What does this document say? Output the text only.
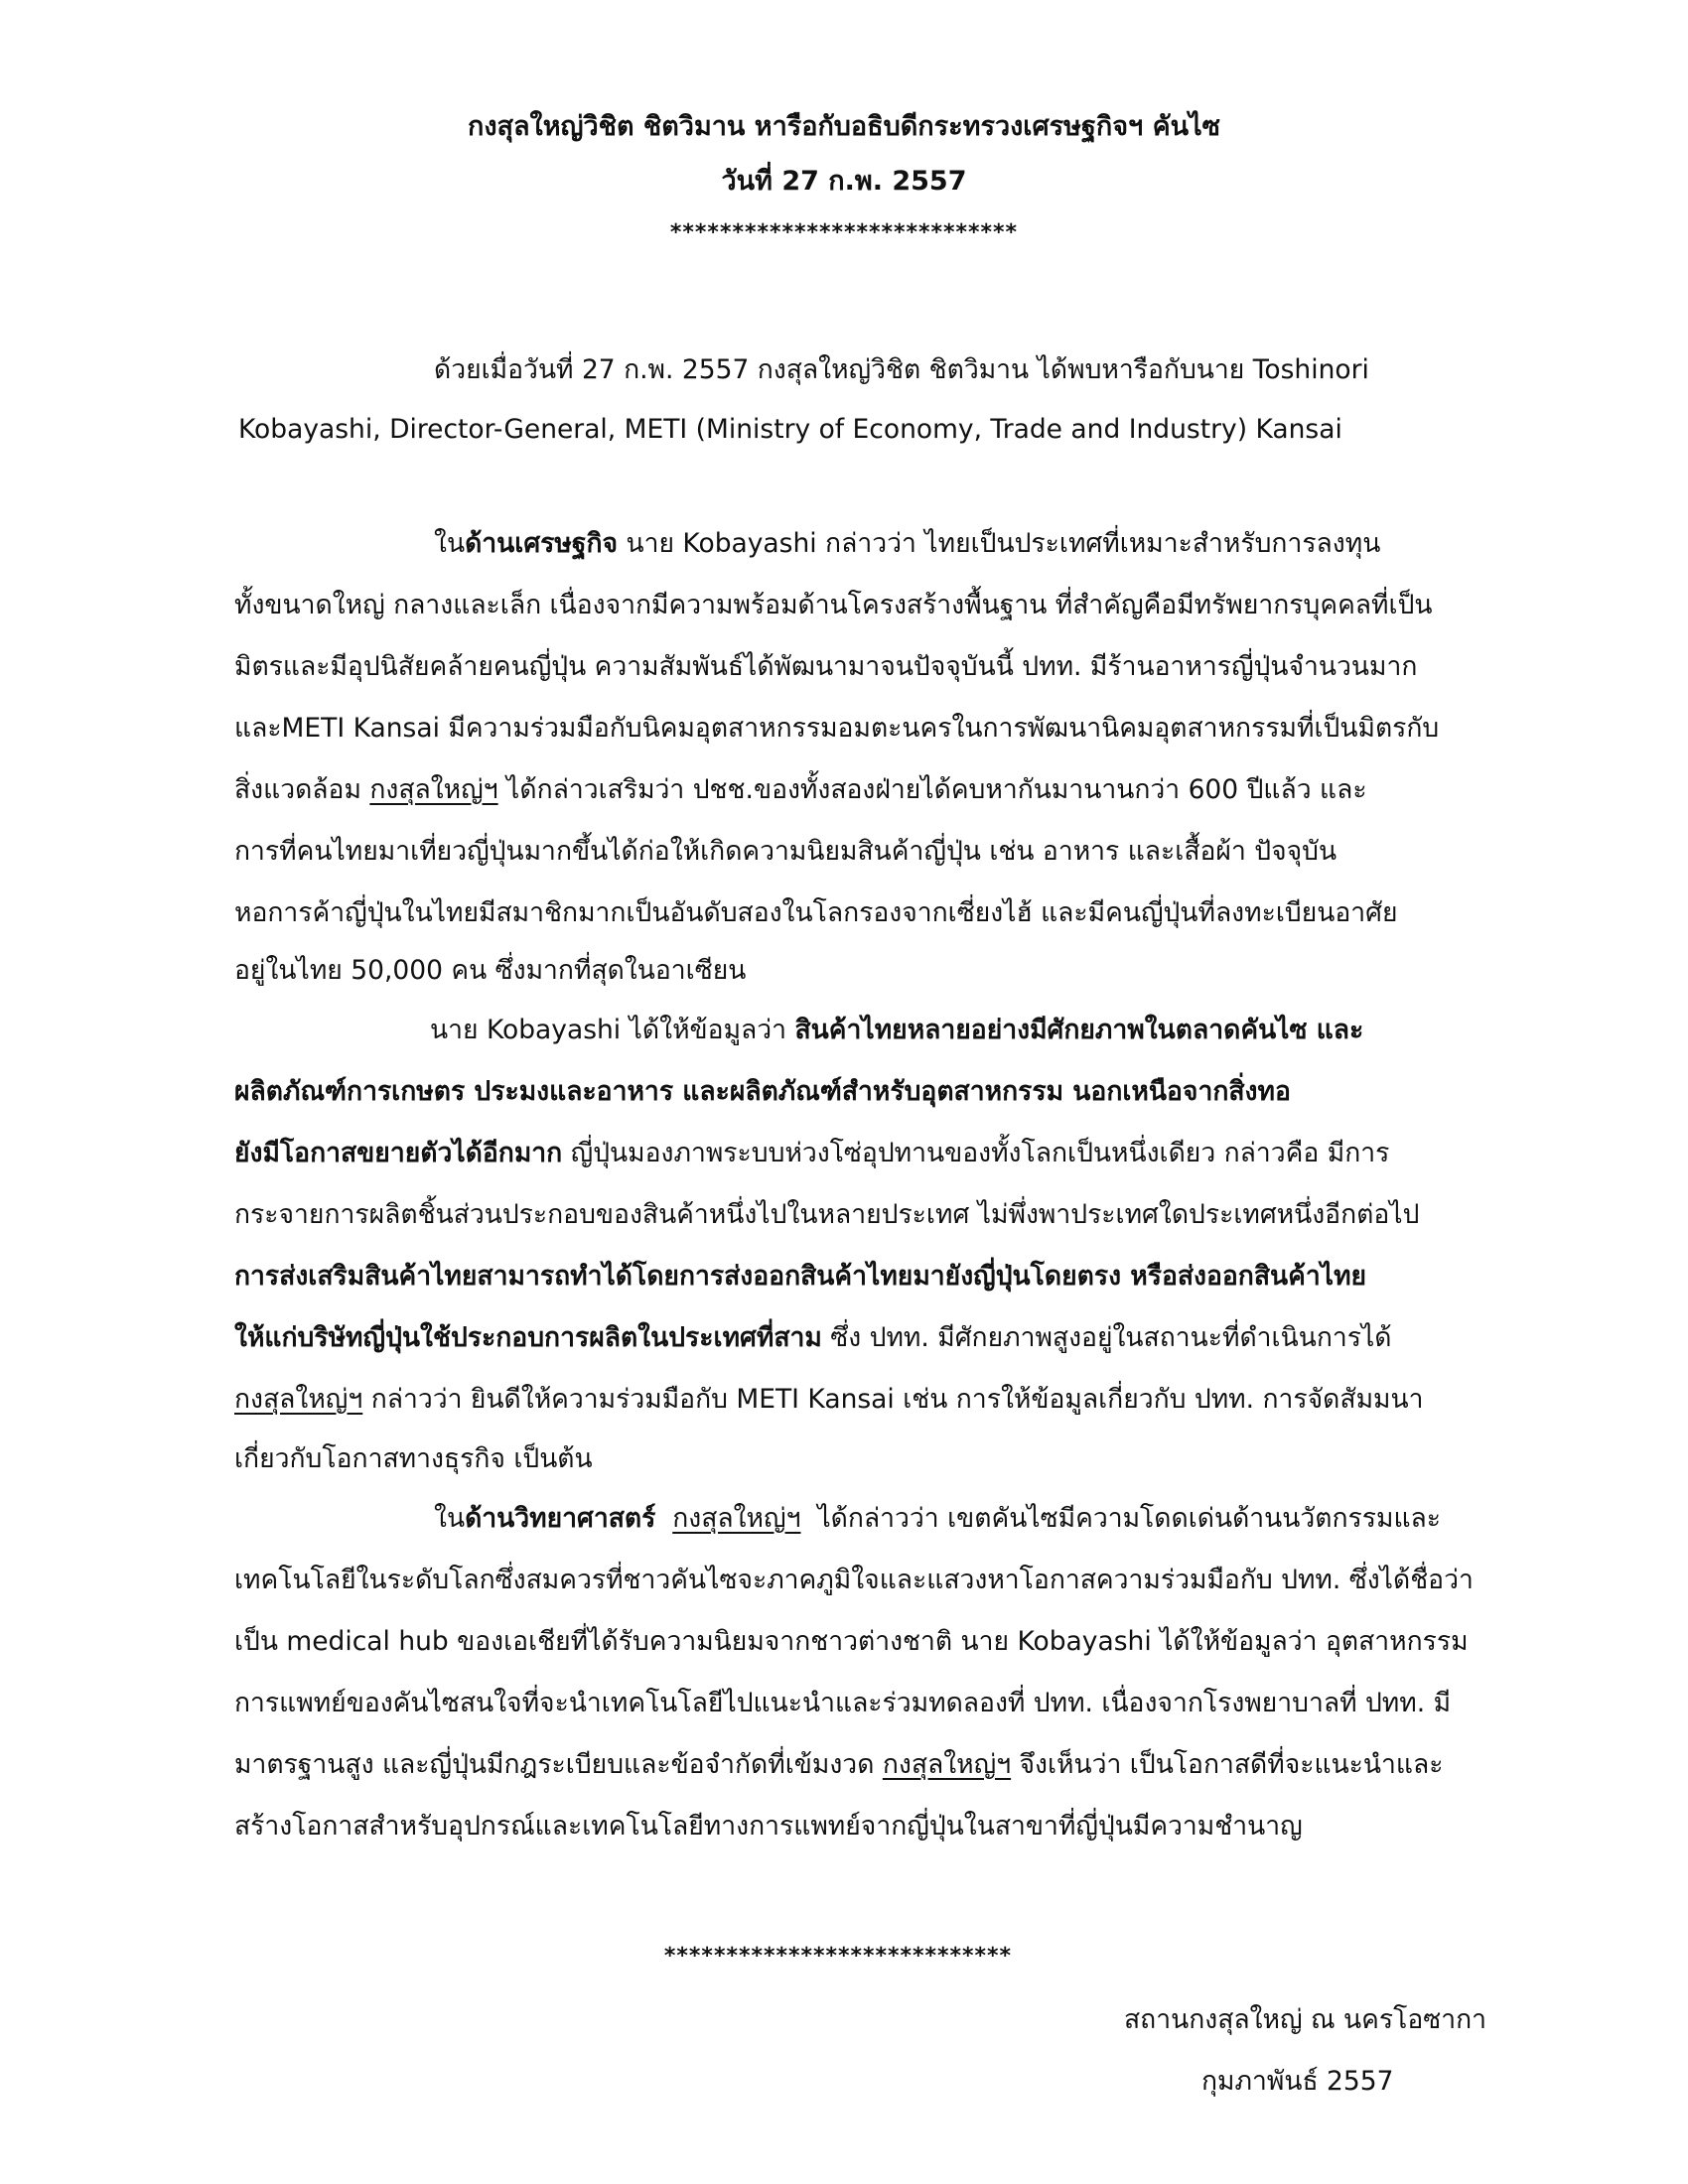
กงสุลใหญ่วิชิต ชิตวิมาน หารือกับอธิบดีกระทรวงเศรษฐกิจฯ คันไซ
วันที่ 27 ก.พ. 2557
****************************
ด้วยเมื่อวันที่ 27 ก.พ. 2557 กงสุลใหญ่วิชิต ชิตวิมาน ได้พบหารือกับนาย Toshinori
Kobayashi, Director-General, METI (Ministry of Economy, Trade and Industry) Kansai
ในด้านเศรษฐกิจ นาย Kobayashi กล่าวว่า ไทยเป็นประเทศที่เหมาะสำหรับการลงทุน
ทั้งขนาดใหญ่ กลางและเล็ก เนื่องจากมีความพร้อมด้านโครงสร้างพื้นฐาน ที่สำคัญคือมีทรัพยากรบุคคลที่เป็น
มิตรและมีอุปนิสัยคล้ายคนญี่ปุ่น ความสัมพันธ์ได้พัฒนามาจนปัจจุบันนี้ ปทท. มีร้านอาหารญี่ปุ่นจำนวนมาก
และMETI Kansai มีความร่วมมือกับนิคมอุตสาหกรรมอมตะนครในการพัฒนานิคมอุตสาหกรรมที่เป็นมิตรกับ
สิ่งแวดล้อม กงสุลใหญ่ฯ ได้กล่าวเสริมว่า ปชช.ของทั้งสองฝ่ายได้คบหากันมานานกว่า 600 ปีแล้ว และ
การที่คนไทยมาเที่ยวญี่ปุ่นมากขึ้นได้ก่อให้เกิดความนิยมสินค้าญี่ปุ่น เช่น อาหาร และเสื้อผ้า ปัจจุบัน
หอการค้าญี่ปุ่นในไทยมีสมาชิกมากเป็นอันดับสองในโลกรองจากเซี่ยงไฮ้ และมีคนญี่ปุ่นที่ลงทะเบียนอาศัย
อยู่ในไทย 50,000 คน ซึ่งมากที่สุดในอาเซียน
นาย Kobayashi ได้ให้ข้อมูลว่า สินค้าไทยหลายอย่างมีศักยภาพในตลาดคันไซ และ
ผลิตภัณฑ์การเกษตร ประมงและอาหาร และผลิตภัณฑ์สำหรับอุตสาหกรรม นอกเหนือจากสิ่งทอ
ยังมีโอกาสขยายตัวได้อีกมาก ญี่ปุ่นมองภาพระบบห่วงโซ่อุปทานของทั้งโลกเป็นหนึ่งเดียว กล่าวคือ มีการ
กระจายการผลิตชิ้นส่วนประกอบของสินค้าหนึ่งไปในหลายประเทศ ไม่พึ่งพาประเทศใดประเทศหนึ่งอีกต่อไป
การส่งเสริมสินค้าไทยสามารถทำได้โดยการส่งออกสินค้าไทยมายังญี่ปุ่นโดยตรง หรือส่งออกสินค้าไทย
ให้แก่บริษัทญี่ปุ่นใช้ประกอบการผลิตในประเทศที่สาม ซึ่ง ปทท. มีศักยภาพสูงอยู่ในสถานะที่ดำเนินการได้
กงสุลใหญ่ฯ กล่าวว่า ยินดีให้ความร่วมมือกับ METI Kansai เช่น การให้ข้อมูลเกี่ยวกับ ปทท. การจัดสัมมนา
เกี่ยวกับโอกาสทางธุรกิจ เป็นต้น
ในด้านวิทยาศาสตร์ กงสุลใหญ่ฯ  ได้กล่าวว่า เขตคันไซมีความโดดเด่นด้านนวัตกรรมและ
เทคโนโลยีในระดับโลกซึ่งสมควรที่ชาวคันไซจะภาคภูมิใจและแสวงหาโอกาสความร่วมมือกับ ปทท. ซึ่งได้ชื่อว่า
เป็น medical hub ของเอเชียที่ได้รับความนิยมจากชาวต่างชาติ นาย Kobayashi ได้ให้ข้อมูลว่า อุตสาหกรรม
การแพทย์ของคันไซสนใจที่จะนำเทคโนโลยีไปแนะนำและร่วมทดลองที่ ปทท. เนื่องจากโรงพยาบาลที่ ปทท. มี
มาตรฐานสูง และญี่ปุ่นมีกฎระเบียบและข้อจำกัดที่เข้มงวด กงสุลใหญ่ฯ จึงเห็นว่า เป็นโอกาสดีที่จะแนะนำและ
สร้างโอกาสสำหรับอุปกรณ์และเทคโนโลยีทางการแพทย์จากญี่ปุ่นในสาขาที่ญี่ปุ่นมีความชำนาญ
****************************
สถานกงสุลใหญ่ ณ นครโอซากา
กุมภาพันธ์ 2557
